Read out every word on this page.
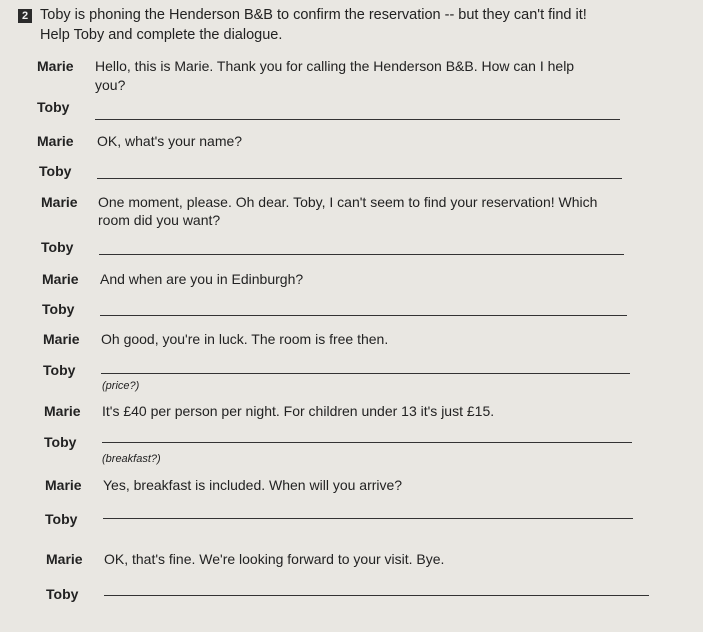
2 Toby is phoning the Henderson B&B to confirm the reservation -- but they can't find it!
Help Toby and complete the dialogue.
Marie Hello, this is Marie. Thank you for calling the Henderson B&B. How can I help
you?
Toby
Marie OK, what's your name?
Toby
Marie One moment, please. Oh dear. Toby, I can't seem to find your reservation! Which
room did you want?
Toby
Marie And when are you in Edinburgh?
Toby
Marie Oh good, you're in luck. The room is free then.
Toby
(price?)
Marie It's £40 per person per night. For children under 13 it's just £15.
Toby
(breakfast?)
Marie Yes, breakfast is included. When will you arrive?
Toby
Marie OK, that's fine. We're looking forward to your visit. Bye.
Toby
